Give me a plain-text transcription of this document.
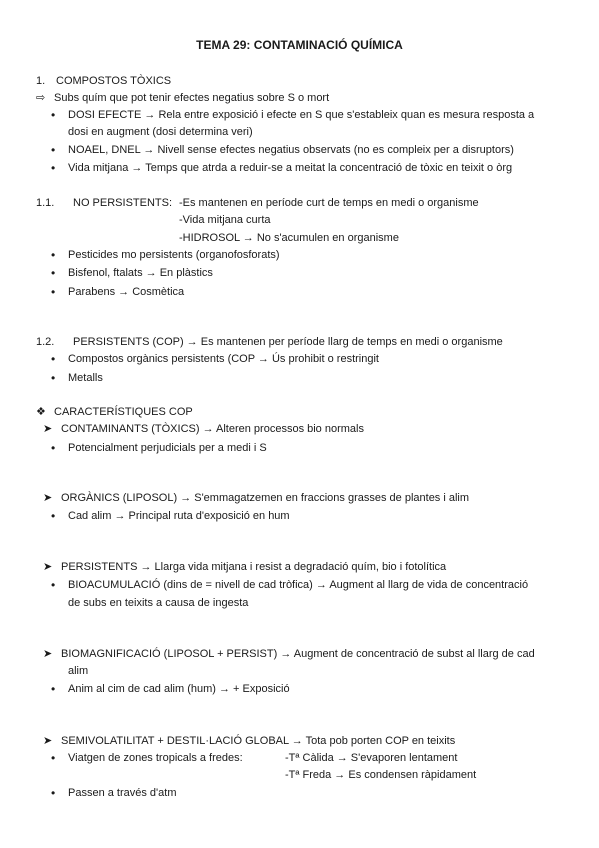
TEMA 29: CONTAMINACIÓ QUÍMICA
1. COMPOSTOS TÒXICS
⇨ Subs quím que pot tenir efectes negatius sobre S o mort
• DOSI EFECTE → Rela entre exposició i efecte en S que s'estableix quan es mesura resposta a
dosi en augment (dosi determina veri)
• NOAEL, DNEL → Nivell sense efectes negatius observats (no es compleix per a disruptors)
• Vida mitjana → Temps que atrda a reduir-se a meitat la concentració de tòxic en teixit o òrg
1.1. NO PERSISTENTS: -Es mantenen en període curt de temps en medi o organisme
-Vida mitjana curta
-HIDROSOL → No s'acumulen en organisme
• Pesticides mo persistents (organofosforats)
• Bisfenol, ftalats → En plàstics
• Parabens → Cosmètica
1.2. PERSISTENTS (COP) → Es mantenen per període llarg de temps en medi o organisme
• Compostos orgànics persistents (COP → Ús prohibit o restringit
• Metalls
❖ CARACTERÍSTIQUES COP
➤ CONTAMINANTS (TÒXICS) → Alteren processos bio normals
• Potencialment perjudicials per a medi i S
➤ ORGÀNICS (LIPOSOL) → S'emmagatzemen en fraccions grasses de plantes i alim
• Cad alim → Principal ruta d'exposició en hum
➤ PERSISTENTS → Llarga vida mitjana i resist a degradació quím, bio i fotolítica
• BIOACUMULACIÓ (dins de = nivell de cad tròfica) → Augment al llarg de vida de concentració
de subs en teixits a causa de ingesta
➤ BIOMAGNIFICACIÓ (LIPOSOL + PERSIST) → Augment de concentració de subst al llarg de cad
alim
• Anim al cim de cad alim (hum) → + Exposició
➤ SEMIVOLATILITAT + DESTIL·LACIÓ GLOBAL → Tota pob porten COP en teixits
• Viatgen de zones tropicals a fredes:	-Tª Càlida → S'evaporen lentament
-Tª Freda → Es condensen ràpidament
• Passen a través d'atm
